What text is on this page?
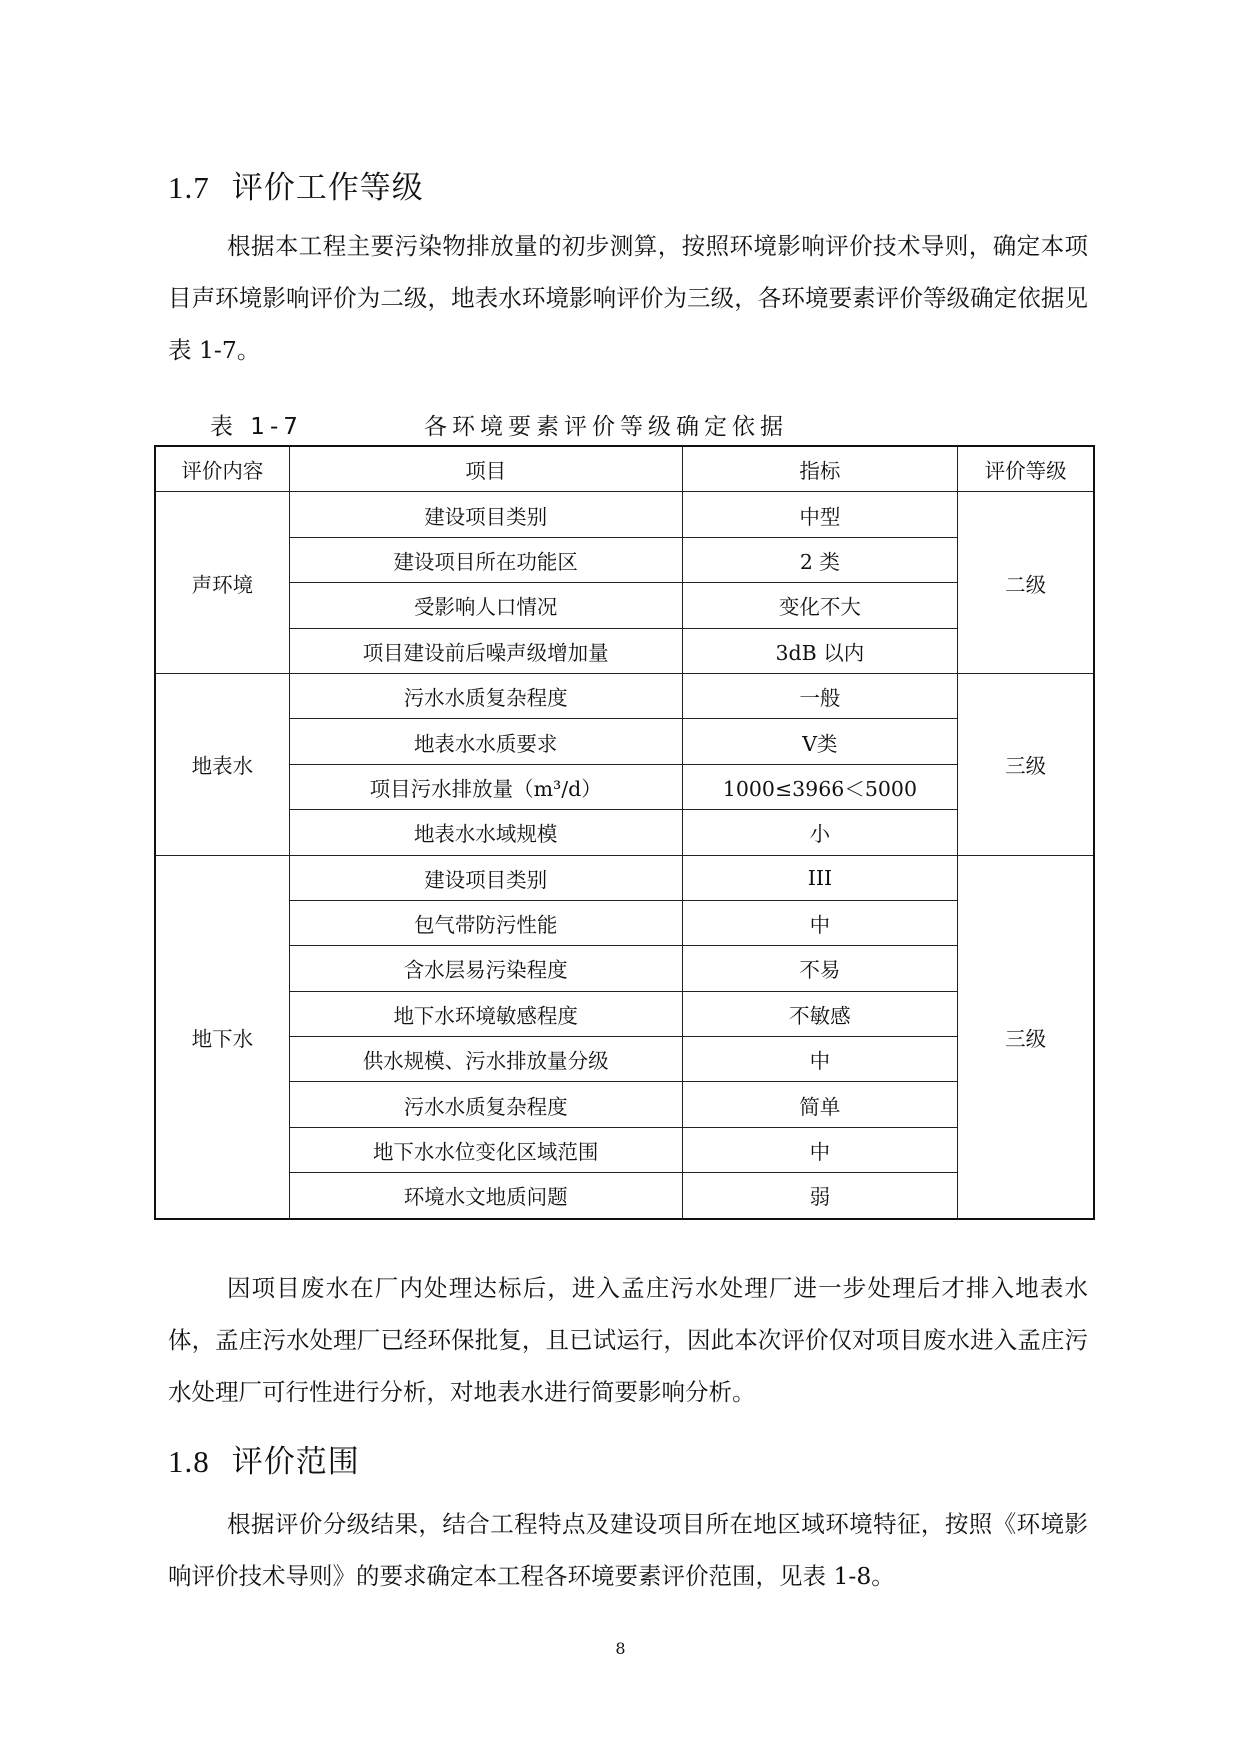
1.7 评价工作等级

根据本工程主要污染物排放量的初步测算，按照环境影响评价技术导则，确定本项目声环境影响评价为二级，地表水环境影响评价为三级，各环境要素评价等级确定依据见表 1-7。

表 1-7	各环境要素评价等级确定依据
评价内容	项目	指标	评价等级
声环境	建设项目类别	中型	二级
	建设项目所在功能区	2 类	
	受影响人口情况	变化不大	
	项目建设前后噪声级增加量	3dB 以内	
地表水	污水水质复杂程度	一般	三级
	地表水水质要求	Ⅴ类	
	项目污水排放量（m³/d）	1000≤3966＜5000	
	地表水水域规模	小	
地下水	建设项目类别	III	三级
	包气带防污性能	中	
	含水层易污染程度	不易	
	地下水环境敏感程度	不敏感	
	供水规模、污水排放量分级	中	
	污水水质复杂程度	简单	
	地下水水位变化区域范围	中	
	环境水文地质问题	弱	

因项目废水在厂内处理达标后，进入孟庄污水处理厂进一步处理后才排入地表水体，孟庄污水处理厂已经环保批复，且已试运行，因此本次评价仅对项目废水进入孟庄污水处理厂可行性进行分析，对地表水进行简要影响分析。

1.8 评价范围

根据评价分级结果，结合工程特点及建设项目所在地区域环境特征，按照《环境影响评价技术导则》的要求确定本工程各环境要素评价范围，见表 1-8。

8
